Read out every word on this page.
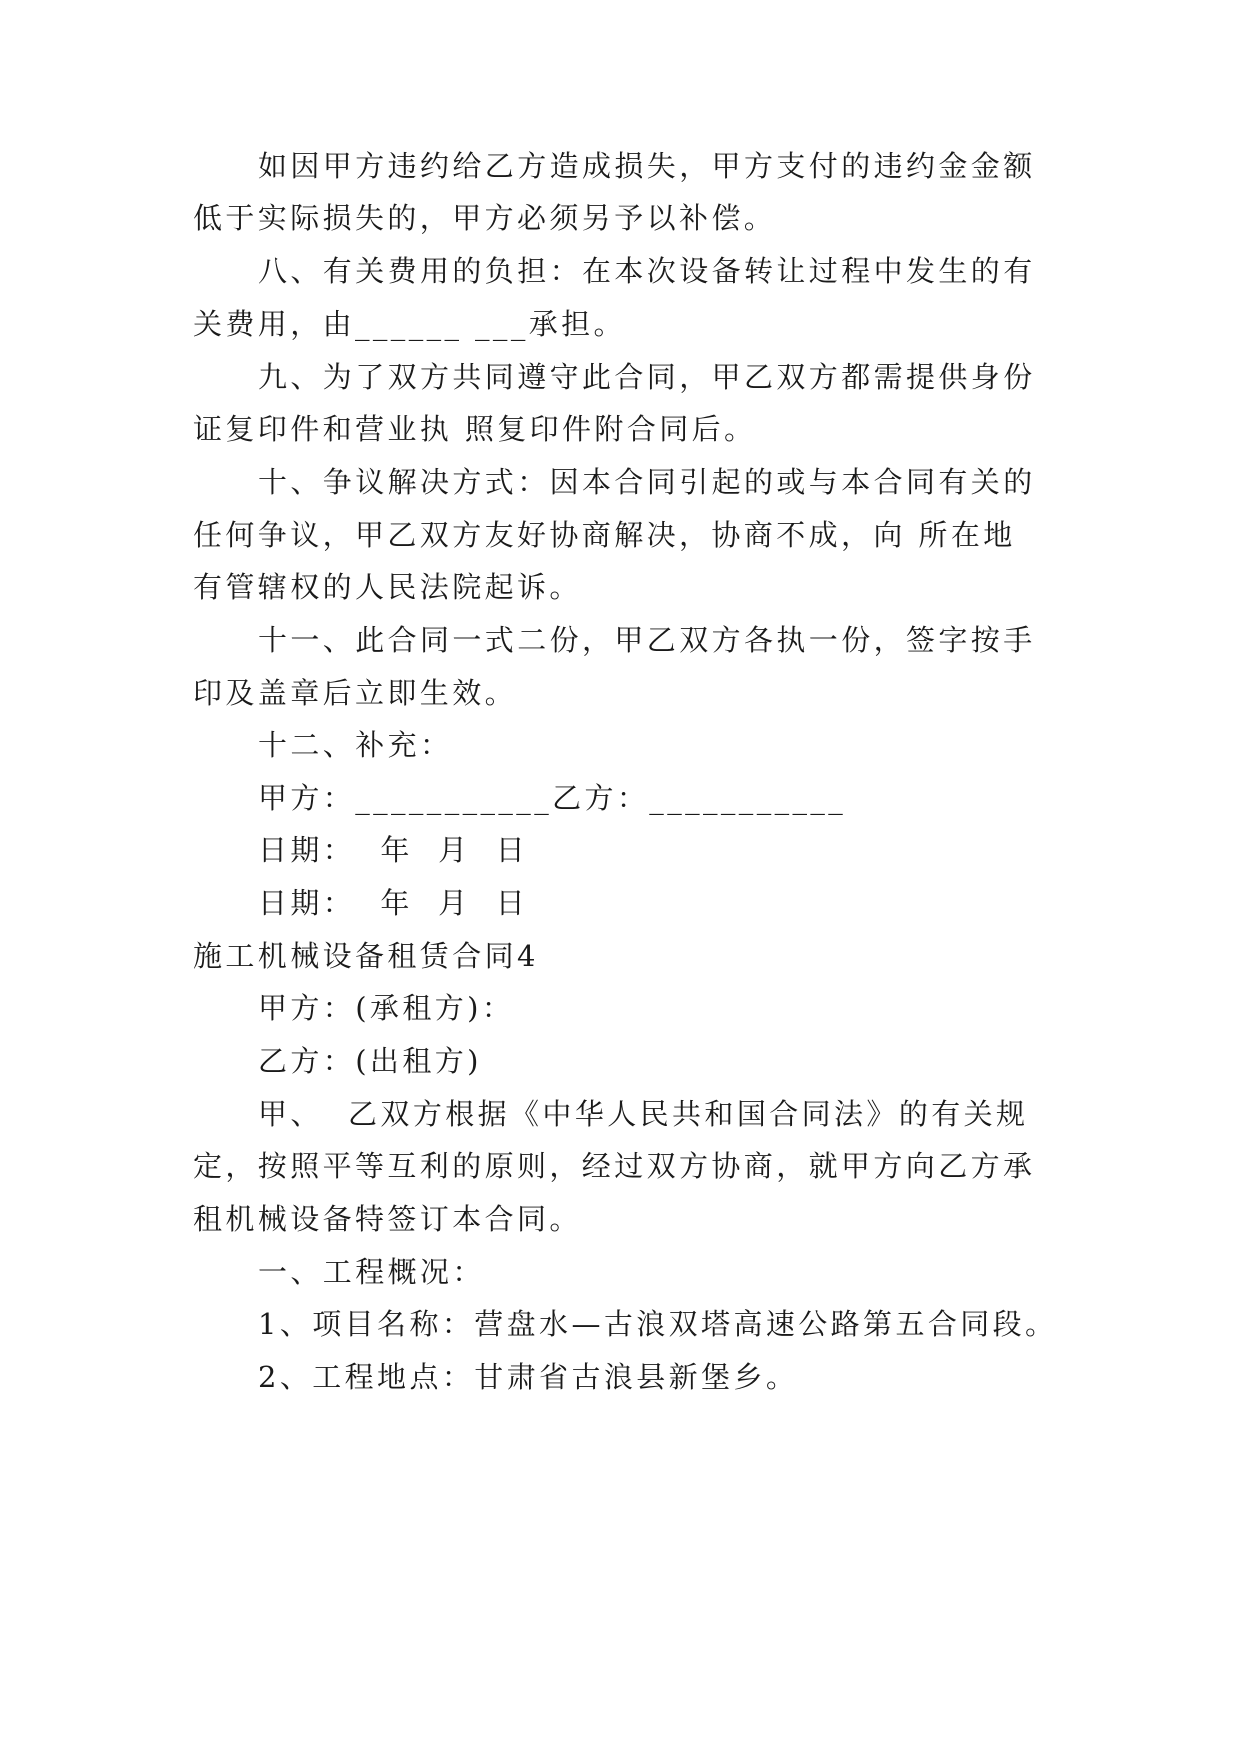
如因甲方违约给乙方造成损失，甲方支付的违约金金额

低于实际损失的，甲方必须另予以补偿。

八、有关费用的负担：在本次设备转让过程中发生的有

关费用，由______ ___承担。

九、为了双方共同遵守此合同，甲乙双方都需提供身份

证复印件和营业执 照复印件附合同后。

十、争议解决方式：因本合同引起的或与本合同有关的

任何争议，甲乙双方友好协商解决，协商不成，向 所在地

有管辖权的人民法院起诉。

十一、此合同一式二份，甲乙双方各执一份，签字按手

印及盖章后立即生效。

十二、补充：

甲方：___________乙方：___________

日期：  年  月  日

日期：  年  月  日

施工机械设备租赁合同4

甲方：(承租方)：

乙方：(出租方)

甲、  乙双方根据《中华人民共和国合同法》的有关规

定，按照平等互利的原则，经过双方协商，就甲方向乙方承

租机械设备特签订本合同。

一、工程概况：

1、项目名称：营盘水—古浪双塔高速公路第五合同段。

2、工程地点：甘肃省古浪县新堡乡。
